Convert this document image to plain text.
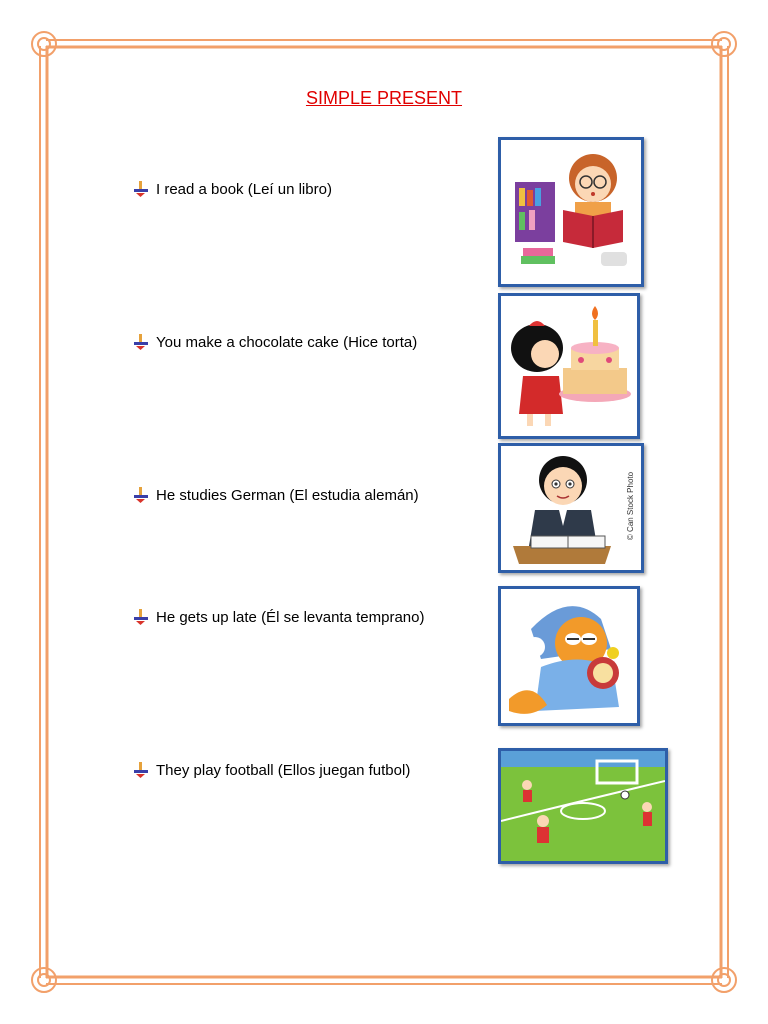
SIMPLE PRESENT
I read a book (Leí un libro)
You make a chocolate cake (Hice torta)
He studies German (El estudia alemán)
He gets up late (Él se levanta temprano)
They play football (Ellos juegan futbol)
© Can Stock Photo
